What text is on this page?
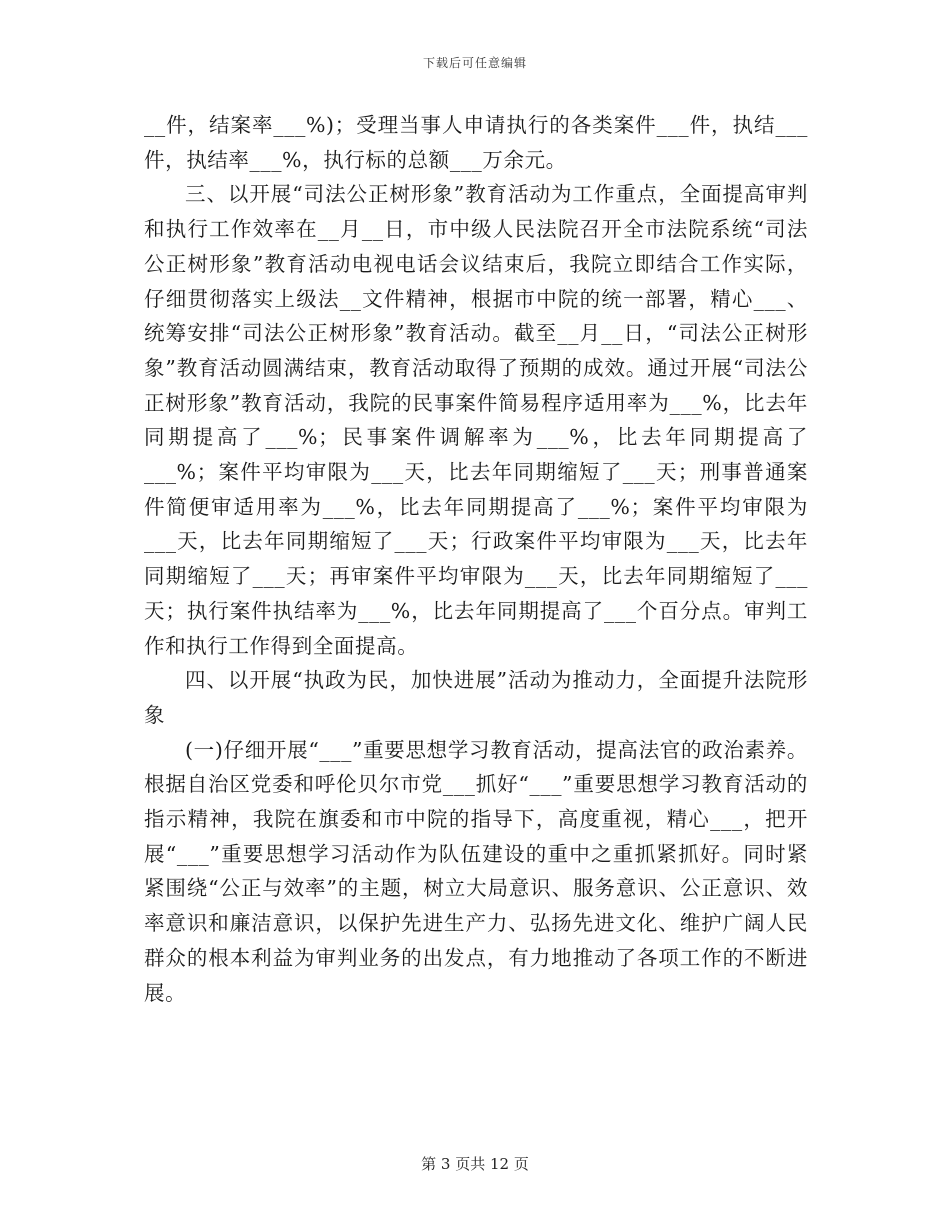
下载后可任意编辑

__件，结案率___%)；受理当事人申请执行的各类案件___件，执结___件，执结率___%，执行标的总额___万余元。

三、以开展“司法公正树形象”教育活动为工作重点，全面提高审判和执行工作效率在__月__日，市中级人民法院召开全市法院系统“司法公正树形象”教育活动电视电话会议结束后，我院立即结合工作实际，仔细贯彻落实上级法__文件精神，根据市中院的统一部署，精心___、统筹安排“司法公正树形象”教育活动。截至__月__日，“司法公正树形象”教育活动圆满结束，教育活动取得了预期的成效。通过开展“司法公正树形象”教育活动，我院的民事案件简易程序适用率为___%，比去年同期提高了___%；民事案件调解率为___%，比去年同期提高了___%；案件平均审限为___天，比去年同期缩短了___天；刑事普通案件简便审适用率为___%，比去年同期提高了___%；案件平均审限为___天，比去年同期缩短了___天；行政案件平均审限为___天，比去年同期缩短了___天；再审案件平均审限为___天，比去年同期缩短了___天；执行案件执结率为___%，比去年同期提高了___个百分点。审判工作和执行工作得到全面提高。

四、以开展“执政为民，加快进展”活动为推动力，全面提升法院形象

(一)仔细开展“___”重要思想学习教育活动，提高法官的政治素养。根据自治区党委和呼伦贝尔市党___抓好“___”重要思想学习教育活动的指示精神，我院在旗委和市中院的指导下，高度重视，精心___，把开展“___”重要思想学习活动作为队伍建设的重中之重抓紧抓好。同时紧紧围绕“公正与效率”的主题，树立大局意识、服务意识、公正意识、效率意识和廉洁意识，以保护先进生产力、弘扬先进文化、维护广阔人民群众的根本利益为审判业务的出发点，有力地推动了各项工作的不断进展。

第 3 页共 12 页
